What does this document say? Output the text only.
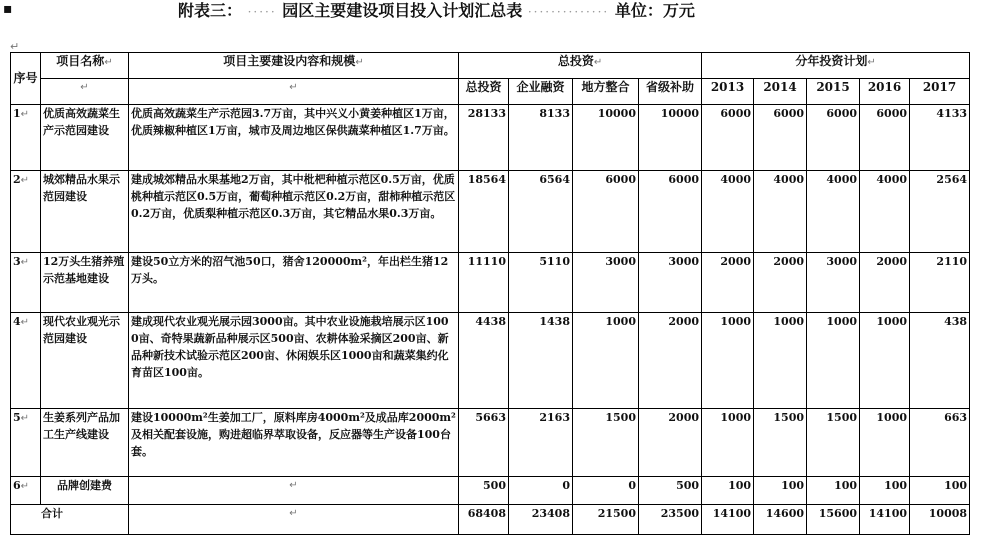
▪	附表三： ····· 园区主要建设项目投入计划汇总表 ·············· 单位：万元
↵
序号	项目名称↵	项目主要建设内容和规模↵	总投资↵				分年投资计划↵				
	↵	↵	总投资	企业融资	地方整合	省级补助	2013	2014	2015	2016	2017
1↵	优质高效蔬菜生产示范园建设	优质高效蔬菜生产示范园3.7万亩，其中兴义小黄姜种植区1万亩，优质辣椒种植区1万亩，城市及周边地区保供蔬菜种植区1.7万亩。	28133	8133	10000	10000	6000	6000	6000	6000	4133
2↵	城郊精品水果示范园建设	建成城郊精品水果基地2万亩，其中枇杷种植示范区0.5万亩，优质桃种植示范区0.5万亩，葡萄种植示范区0.2万亩，甜柿种植示范区0.2万亩，优质梨种植示范区0.3万亩，其它精品水果0.3万亩。	18564	6564	6000	6000	4000	4000	4000	4000	2564
3↵	12万头生猪养殖示范基地建设	建设50立方米的沼气池50口，猪舍120000m²，年出栏生猪12万头。	11110	5110	3000	3000	2000	2000	3000	2000	2110
4↵	现代农业观光示范园建设	建成现代农业观光展示园3000亩。其中农业设施栽培展示区1000亩、奇特果蔬新品种展示区500亩、农耕体验采摘区200亩、新品种新技术试验示范区200亩、休闲娱乐区1000亩和蔬菜集约化育苗区100亩。	4438	1438	1000	2000	1000	1000	1000	1000	438
5↵	生姜系列产品加工生产线建设	建设10000m²生姜加工厂，原料库房4000m²及成品库2000m²及相关配套设施，购进超临界萃取设备，反应器等生产设备100台套。	5663	2163	1500	2000	1000	1500	1500	1000	663
6↵	品牌创建费	↵	500	0	0	500	100	100	100	100	100
合计		↵	68408	23408	21500	23500	14100	14600	15600	14100	10008
